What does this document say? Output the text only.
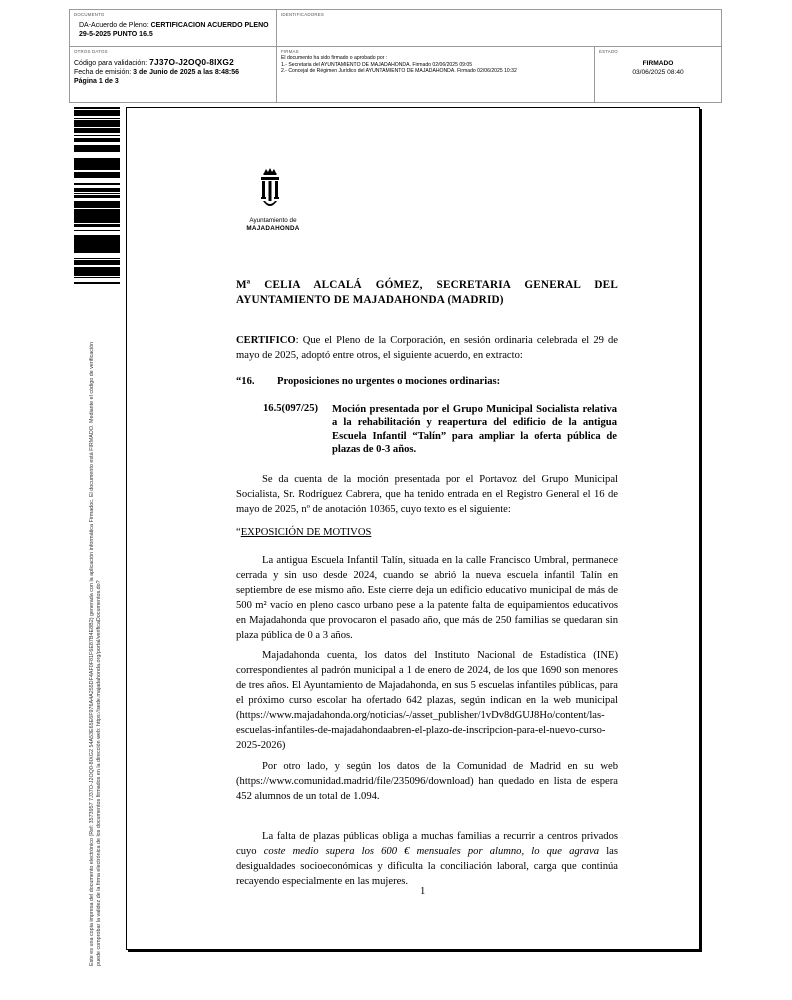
DOCUMENTO
DA-Acuerdo de Pleno: CERTIFICACION ACUERDO PLENO 29-5-2025 PUNTO 16.5
IDENTIFICADORES
OTROS DATOS
Código para validación: 7J37O-J2OQ0-8IXG2
Fecha de emisión: 3 de Junio de 2025 a las 8:48:56
Página 1 de 3
FIRMAS
El documento ha sido firmado o aprobado por :
1.- Secretaria del AYUNTAMIENTO DE MAJADAHONDA. Firmado 02/06/2025 09:05
2.- Concejal de Régimen Jurídico del AYUNTAMIENTO DE MAJADAHONDA. Firmado 02/06/2025 10:32
ESTADO
FIRMADO
03/06/2025 08:40
Este es una copia impresa del documento electrónico (Ref: 3573957 7J37O-J2OQ0-8IXG2 54A53E65E6F976A4A255DF4AF0F81F6E87B4E8B2) generada con la aplicación informática Firmadoc. El documento está FIRMADO. Mediante el código de verificación puede comprobar la validez de la firma electrónica de los documentos firmados en la dirección web: https://sede.majadahonda.org/portal/verificaDocumentos.do?
Ayuntamiento de
MAJADAHONDA
Mª CELIA ALCALÁ GÓMEZ, SECRETARIA GENERAL DEL AYUNTAMIENTO DE MAJADAHONDA (MADRID)
CERTIFICO: Que el Pleno de la Corporación, en sesión ordinaria celebrada el 29 de mayo de 2025, adoptó entre otros, el siguiente acuerdo, en extracto:
“16. Proposiciones no urgentes o mociones ordinarias:
16.5(097/25) Moción presentada por el Grupo Municipal Socialista relativa a la rehabilitación y reapertura del edificio de la antigua Escuela Infantil “Talín” para ampliar la oferta pública de plazas de 0-3 años.
Se da cuenta de la moción presentada por el Portavoz del Grupo Municipal Socialista, Sr. Rodríguez Cabrera, que ha tenido entrada en el Registro General el 16 de mayo de 2025, nº de anotación 10365, cuyo texto es el siguiente:
“EXPOSICIÓN DE MOTIVOS
La antigua Escuela Infantil Talín, situada en la calle Francisco Umbral, permanece cerrada y sin uso desde 2024, cuando se abrió la nueva escuela infantil Talín en septiembre de ese mismo año. Este cierre deja un edificio educativo municipal de más de 500 m² vacío en pleno casco urbano pese a la patente falta de equipamientos educativos en Majadahonda que provocaron el pasado año, que más de 250 familias se quedaran sin plaza pública de 0 a 3 años.
Majadahonda cuenta, los datos del Instituto Nacional de Estadística (INE) correspondientes al padrón municipal a 1 de enero de 2024, de los que 1690 son menores de tres años. El Ayuntamiento de Majadahonda, en sus 5 escuelas infantiles públicas, para el próximo curso escolar ha ofertado 642 plazas, según indican en la web municipal (https://www.majadahonda.org/noticias/-/asset_publisher/1vDv8dGUJ8Ho/content/las-escuelas-infantiles-de-majadahondaabren-el-plazo-de-inscripcion-para-el-nuevo-curso-2025-2026)
Por otro lado, y según los datos de la Comunidad de Madrid en su web (https://www.comunidad.madrid/file/235096/download) han quedado en lista de espera 452 alumnos de un total de 1.094.
La falta de plazas públicas obliga a muchas familias a recurrir a centros privados cuyo coste medio supera los 600 € mensuales por alumno, lo que agrava las desigualdades socioeconómicas y dificulta la conciliación laboral, carga que continúa recayendo especialmente en las mujeres.
1
